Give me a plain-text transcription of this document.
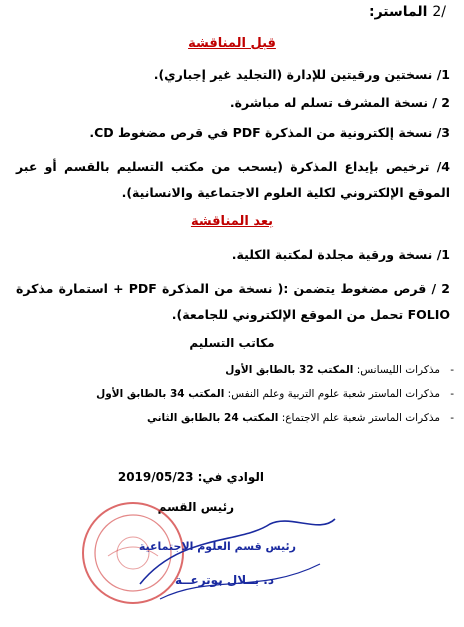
/2 الماستر:
قبل المناقشة
1/ نسختين ورقيتين للإدارة (التجليد غير إجباري).
2 / نسخة المشرف تسلم له مباشرة.
3/ نسخة إلكترونية من المذكرة PDF في قرص مضغوط CD.
4/ ترخيص بإيداع المذكرة (يسحب من مكتب التسليم بالقسم أو عبر الموقع الإلكتروني لكلية العلوم الاجتماعية والانسانية).
بعد المناقشة
1/ نسخة ورقية مجلدة لمكتبة الكلية.
2 / قرص مضغوط يتضمن :( نسخة من المذكرة PDF + استمارة مذكرة FOLIO تحمل من الموقع الإلكتروني للجامعة).
مكاتب التسليم
-مذكرات الليسانس: المكتب 32 بالطابق الأول
-مذكرات الماستر شعبة علوم التربية وعلم النفس: المكتب 34 بالطابق الأول
-مذكرات الماستر شعبة علم الاجتماع: المكتب 24 بالطابق الثاني
الوادي في: 2019/05/23
رئيس القسم
رئيس قسم العلوم الاجتماعية
د. بــلال بوترعــة
